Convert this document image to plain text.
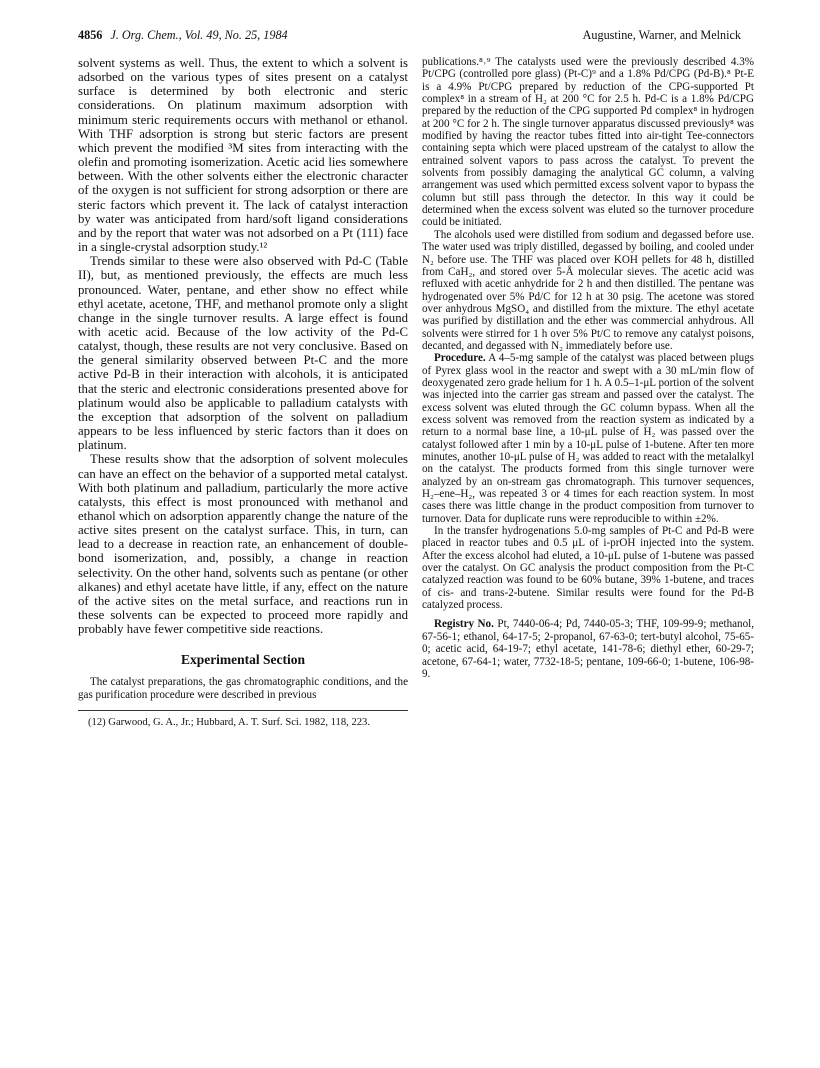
4856 J. Org. Chem., Vol. 49, No. 25, 1984	Augustine, Warner, and Melnick

solvent systems as well. Thus, the extent to which a solvent is adsorbed on the various types of sites present on a catalyst surface is determined by both electronic and steric considerations. On platinum maximum adsorption with minimum steric requirements occurs with methanol or ethanol. With THF adsorption is strong but steric factors are present which prevent the modified ³M sites from interacting with the olefin and promoting isomerization. Acetic acid lies somewhere between. With the other solvents either the electronic character of the oxygen is not sufficient for strong adsorption or there are steric factors which prevent it. The lack of catalyst interaction by water was anticipated from hard/soft ligand considerations and by the report that water was not adsorbed on a Pt (111) face in a single-crystal adsorption study.¹²

Trends similar to these were also observed with Pd-C (Table II), but, as mentioned previously, the effects are much less pronounced. Water, pentane, and ether show no effect while ethyl acetate, acetone, THF, and methanol promote only a slight change in the single turnover results. A large effect is found with acetic acid. Because of the low activity of the Pd-C catalyst, though, these results are not very conclusive. Based on the general similarity observed between Pt-C and the more active Pd-B in their interaction with alcohols, it is anticipated that the steric and electronic considerations presented above for platinum would also be applicable to palladium catalysts with the exception that adsorption of the solvent on palladium appears to be less influenced by steric factors than it does on platinum.

These results show that the adsorption of solvent molecules can have an effect on the behavior of a supported metal catalyst. With both platinum and palladium, particularly the more active catalysts, this effect is most pronounced with methanol and ethanol which on adsorption apparently change the nature of the active sites present on the catalyst surface. This, in turn, can lead to a decrease in reaction rate, an enhancement of double-bond isomerization, and, possibly, a change in reaction selectivity. On the other hand, solvents such as pentane (or other alkanes) and ethyl acetate have little, if any, effect on the nature of the active sites on the metal surface, and reactions run in these solvents can be expected to proceed more rapidly and probably have fewer competitive side reactions.

Experimental Section

The catalyst preparations, the gas chromatographic conditions, and the gas purification procedure were described in previous

(12) Garwood, G. A., Jr.; Hubbard, A. T. Surf. Sci. 1982, 118, 223.

publications.⁸˒⁹ The catalysts used were the previously described 4.3% Pt/CPG (controlled pore glass) (Pt-C)⁹ and a 1.8% Pd/CPG (Pd-B).⁸ Pt-E is a 4.9% Pt/CPG prepared by reduction of the CPG-supported Pt complex⁸ in a stream of H₂ at 200 °C for 2.5 h. Pd-C is a 1.8% Pd/CPG prepared by the reduction of the CPG supported Pd complex⁸ in hydrogen at 200 °C for 2 h. The single turnover apparatus discussed previously⁸ was modified by having the reactor tubes fitted into air-tight Tee-connectors containing septa which were placed upstream of the catalyst to allow the entrained solvent vapors to pass across the catalyst. To prevent the solvents from possibly damaging the analytical GC column, a valving arrangement was used which permitted excess solvent vapor to bypass the column but still pass through the detector. In this way it could be determined when the excess solvent was eluted so the turnover procedure could be initiated.

The alcohols used were distilled from sodium and degassed before use. The water used was triply distilled, degassed by boiling, and cooled under N₂ before use. The THF was placed over KOH pellets for 48 h, distilled from CaH₂, and stored over 5-Å molecular sieves. The acetic acid was refluxed with acetic anhydride for 2 h and then distilled. The pentane was hydrogenated over 5% Pd/C for 12 h at 30 psig. The acetone was stored over anhydrous MgSO₄ and distilled from the mixture. The ethyl acetate was purified by distillation and the ether was commercial anhydrous. All solvents were stirred for 1 h over 5% Pt/C to remove any catalyst poisons, decanted, and degassed with N₂ immediately before use.

Procedure. A 4–5-mg sample of the catalyst was placed between plugs of Pyrex glass wool in the reactor and swept with a 30 mL/min flow of deoxygenated zero grade helium for 1 h. A 0.5–1-μL portion of the solvent was injected into the carrier gas stream and passed over the catalyst. The excess solvent was eluted through the GC column bypass. When all the excess solvent was removed from the reaction system as indicated by a return to a normal base line, a 10-μL pulse of H₂ was passed over the catalyst followed after 1 min by a 10-μL pulse of 1-butene. After ten more minutes, another 10-μL pulse of H₂ was added to react with the metalalkyl on the catalyst. The products formed from this single turnover were analyzed by an on-stream gas chromatograph. This turnover sequences, H₂–ene–H₂, was repeated 3 or 4 times for each reaction system. In most cases there was little change in the product composition from turnover to turnover. Data for duplicate runs were reproducible to within ±2%.

In the transfer hydrogenations 5.0-mg samples of Pt-C and Pd-B were placed in reactor tubes and 0.5 μL of i-prOH injected into the system. After the excess alcohol had eluted, a 10-μL pulse of 1-butene was passed over the catalyst. On GC analysis the product composition from the Pt-C catalyzed reaction was found to be 60% butane, 39% 1-butene, and traces of cis- and trans-2-butene. Similar results were found for the Pd-B catalyzed process.

Registry No. Pt, 7440-06-4; Pd, 7440-05-3; THF, 109-99-9; methanol, 67-56-1; ethanol, 64-17-5; 2-propanol, 67-63-0; tert-butyl alcohol, 75-65-0; acetic acid, 64-19-7; ethyl acetate, 141-78-6; diethyl ether, 60-29-7; acetone, 67-64-1; water, 7732-18-5; pentane, 109-66-0; 1-butene, 106-98-9.
